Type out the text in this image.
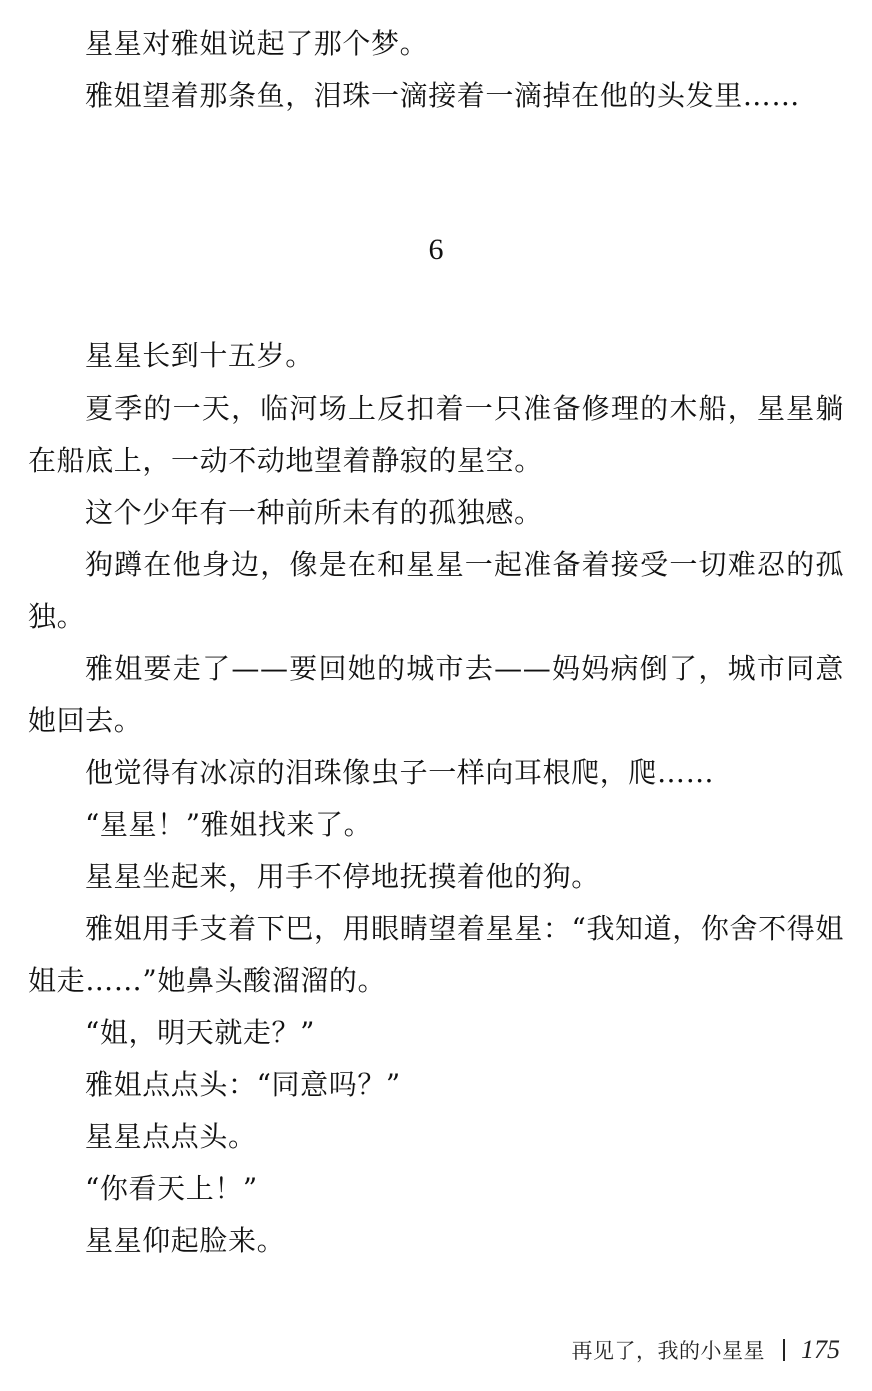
星星对雅姐说起了那个梦。

雅姐望着那条鱼，泪珠一滴接着一滴掉在他的头发里……

6

星星长到十五岁。

夏季的一天，临河场上反扣着一只准备修理的木船，星星躺在船底上，一动不动地望着静寂的星空。

这个少年有一种前所未有的孤独感。

狗蹲在他身边，像是在和星星一起准备着接受一切难忍的孤独。

雅姐要走了——要回她的城市去——妈妈病倒了，城市同意她回去。

他觉得有冰凉的泪珠像虫子一样向耳根爬，爬……

“星星！”雅姐找来了。

星星坐起来，用手不停地抚摸着他的狗。

雅姐用手支着下巴，用眼睛望着星星：“我知道，你舍不得姐姐走……”她鼻头酸溜溜的。

“姐，明天就走？”

雅姐点点头：“同意吗？”

星星点点头。

“你看天上！”

星星仰起脸来。

再见了，我的小星星 175
